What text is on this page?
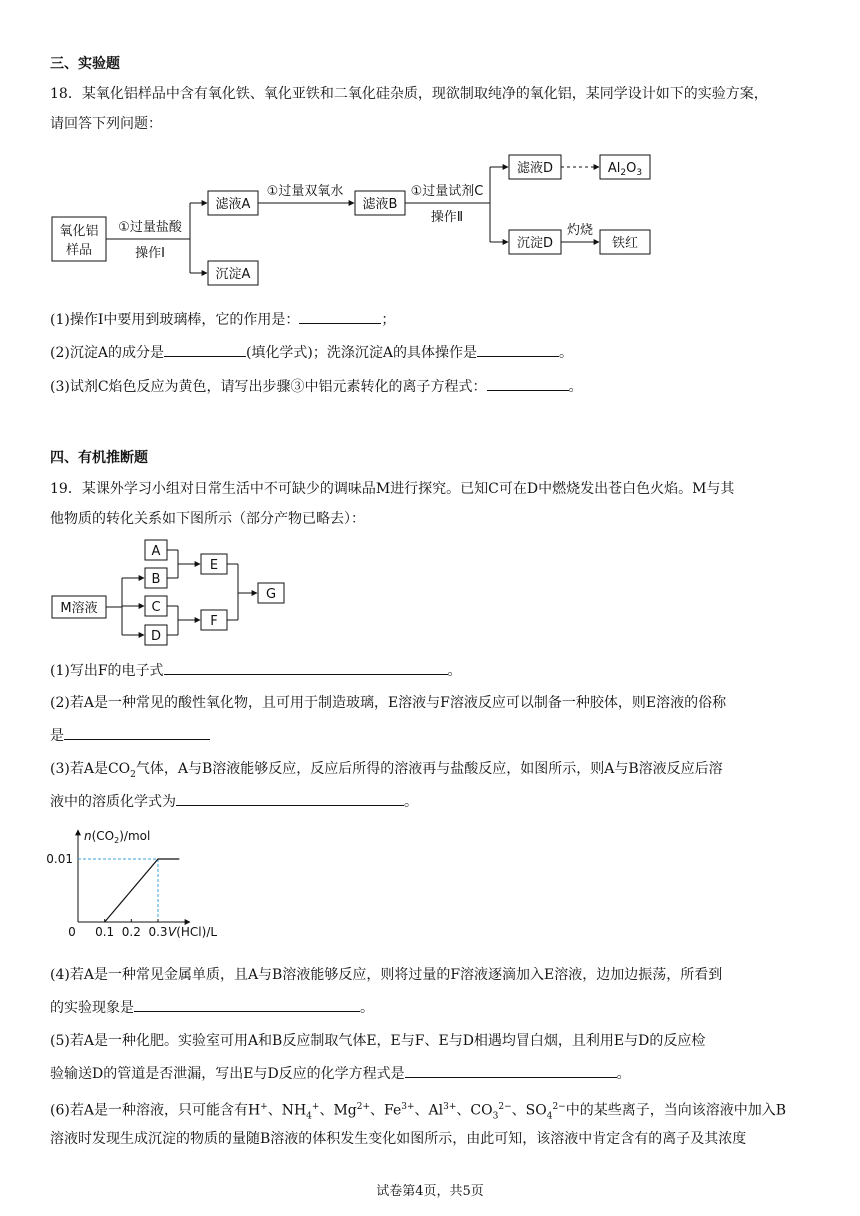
三、实验题
18．某氧化铝样品中含有氧化铁、氧化亚铁和二氧化硅杂质，现欲制取纯净的氧化铝，某同学设计如下的实验方案，
请回答下列问题：
氧化铝
样品
①过量盐酸
操作Ⅰ
滤液A
沉淀A
①过量双氧水
滤液B
①过量试剂C
操作Ⅱ
滤液D	$Al_2O_3$
沉淀D
灼烧
铁红
(1)操作Ⅰ中要用到玻璃棒，它的作用是：	；
(2)沉淀A的成分是	(填化学式)；洗涤沉淀A的具体操作是	。
(3)试剂C焰色反应为黄色，请写出步骤③中铝元素转化的离子方程式：	。
四、有机推断题
19．某课外学习小组对日常生活中不可缺少的调味品M进行探究。已知C可在D中燃烧发出苍白色火焰。M与其
他物质的转化关系如下图所示（部分产物已略去）：
M溶液
A
B
C
D
E
F
G
(1)写出F的电子式	。
(2)若A是一种常见的酸性氧化物，且可用于制造玻璃，E溶液与F溶液反应可以制备一种胶体，则E溶液的俗称
是
(3)若A是$CO_2$气体，A与B溶液能够反应，反应后所得的溶液再与盐酸反应，如图所示，则A与B溶液反应后溶
液中的溶质化学式为	。
$n(CO_2)$/mol
0 0.1 0.2 0.3
0.01
V(HCl)/L
(4)若A是一种常见金属单质，且A与B溶液能够反应，则将过量的F溶液逐滴加入E溶液，边加边振荡，所看到
的实验现象是	。
(5)若A是一种化肥。实验室可用A和B反应制取气体E，E与F、E与D相遇均冒白烟，且利用E与D的反应检
验输送D的管道是否泄漏，写出E与D反应的化学方程式是	。
(6)若A是一种溶液，只可能含有H+、$NH_4^+$、$Mg^{2+}$、$Fe^{3+}$、$Al^{3+}$、$CO_3^{2-}$、$SO_4^{2-}$中的某些离子，当向该溶液中加入B
溶液时发现生成沉淀的物质的量随B溶液的体积发生变化如图所示，由此可知，该溶液中肯定含有的离子及其浓度
试卷第4页，共5页
